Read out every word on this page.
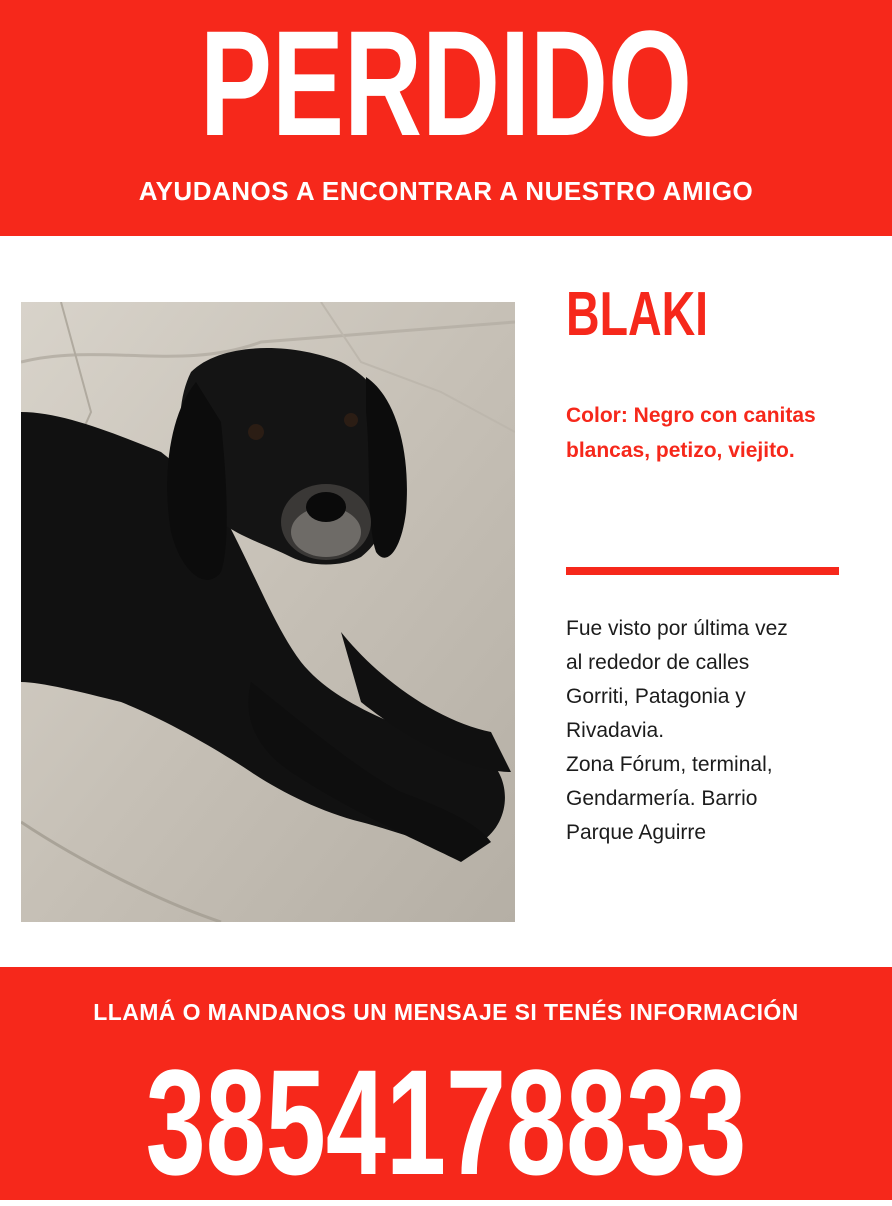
PERDIDO
AYUDANOS A ENCONTRAR A NUESTRO AMIGO
BLAKI
Color: Negro con canitas blancas, petizo, viejito.
Fue visto por última vez
al rededor de calles
Gorriti, Patagonia y
Rivadavia.
Zona Fórum, terminal,
Gendarmería. Barrio
Parque Aguirre
LLAMÁ O MANDANOS UN MENSAJE SI TENÉS INFORMACIÓN
3854178833
